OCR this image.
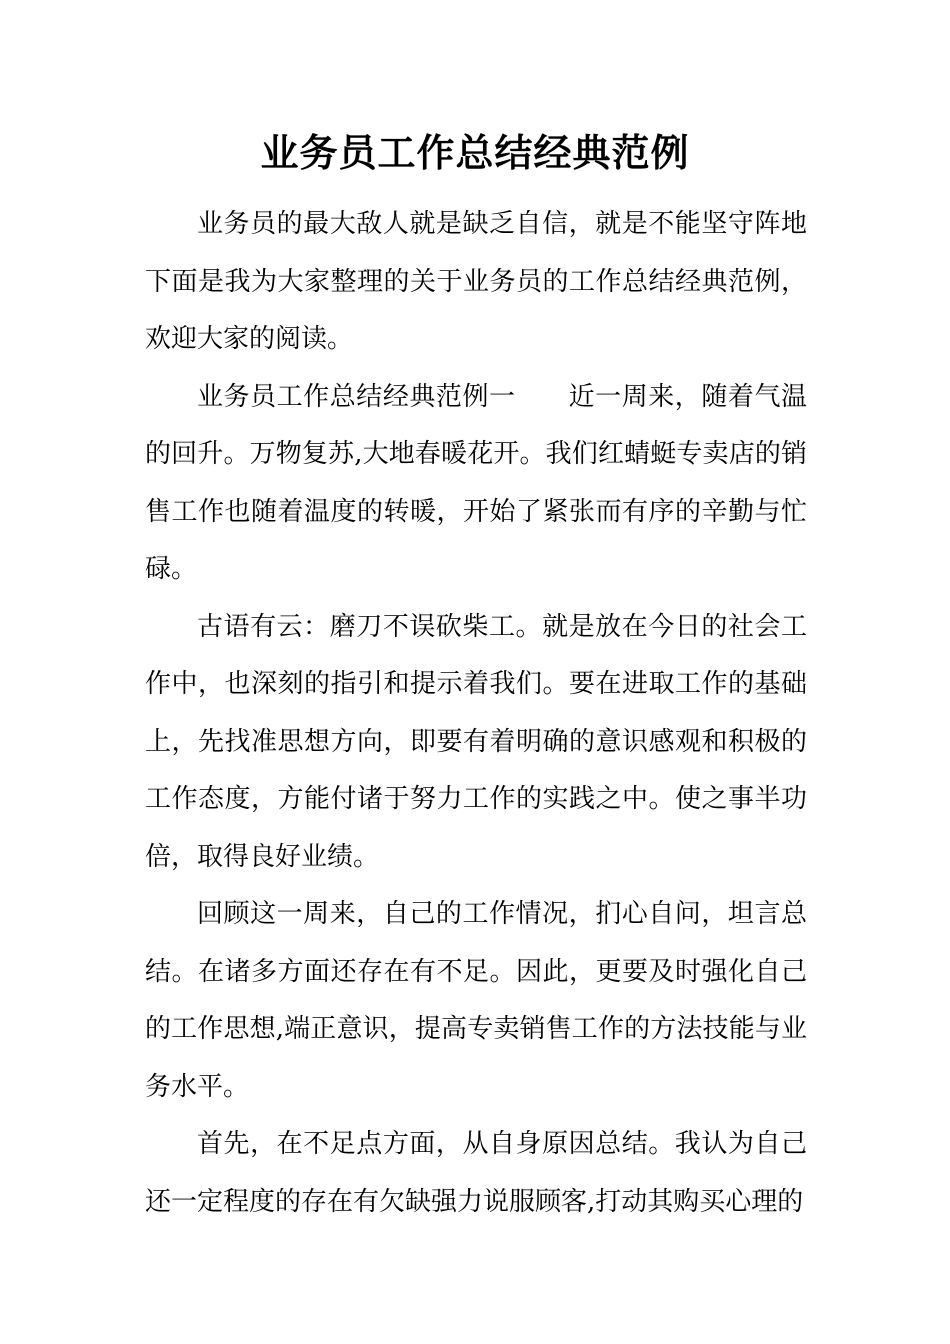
业务员工作总结经典范例

业务员的最大敌人就是缺乏自信，就是不能坚守阵地下面是我为大家整理的关于业务员的工作总结经典范例，欢迎大家的阅读。

业务员工作总结经典范例一　　近一周来，随着气温的回升。万物复苏,大地春暖花开。我们红蜻蜓专卖店的销售工作也随着温度的转暖，开始了紧张而有序的辛勤与忙碌。

古语有云：磨刀不误砍柴工。就是放在今日的社会工作中，也深刻的指引和提示着我们。要在进取工作的基础上，先找准思想方向，即要有着明确的意识感观和积极的工作态度，方能付诸于努力工作的实践之中。使之事半功倍，取得良好业绩。

回顾这一周来，自己的工作情况，扪心自问，坦言总结。在诸多方面还存在有不足。因此，更要及时强化自己的工作思想,端正意识，提高专卖销售工作的方法技能与业务水平。

首先，在不足点方面，从自身原因总结。我认为自己还一定程度的存在有欠缺强力说服顾客,打动其购买心理的
